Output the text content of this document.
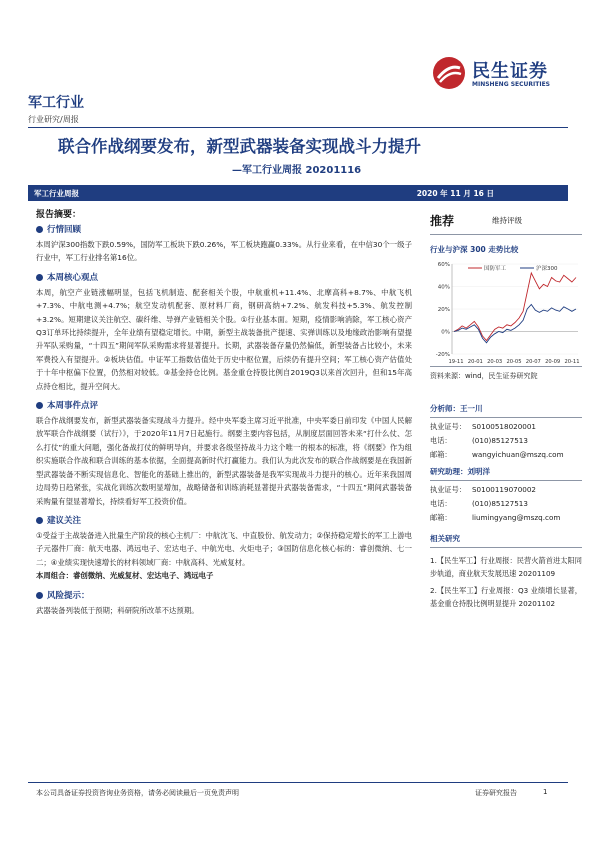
军工行业
行业研究/周报
民生证券
MINSHENG SECURITIES
联合作战纲要发布，新型武器装备实现战斗力提升
—军工行业周报 20201116
军工行业周报	2020 年 11 月 16 日
报告摘要：
行情回顾
本周沪深300指数下跌0.59%，国防军工板块下跌0.26%，军工板块跑赢0.33%。从行业来看，在中信30个一级子行业中，军工行业排名第16位。
本周核心观点
本周，航空产业链涨幅明显，包括飞机制造、配套相关个股，中航重机+11.4%、北摩高科+8.7%、中航飞机+7.3%、中航电测+4.7%；航空发动机配套、原材料厂商，钢研高纳+7.2%、航发科技+5.3%、航发控制+3.2%。短期建议关注航空、碳纤维、导弹产业链相关个股。①行业基本面。短期，疫情影响消除，军工核心资产Q3订单环比持续提升，全年业绩有望稳定增长。中期，新型主战装备批产提速、实弹训练以及地缘政治影响有望提升军队采购量，“十四五”期间军队采购需求将显著提升。长期，武器装备存量仍然偏低，新型装备占比较小，未来军费投入有望提升。②板块估值。中证军工指数估值处于历史中枢位置，后续仍有提升空间；军工核心资产估值处于十年中枢偏下位置，仍然相对较低。③基金持仓比例。基金重仓持股比例自2019Q3以来首次回升，但和15年高点持仓相比，提升空间大。
本周事件点评
联合作战纲要发布，新型武器装备实现战斗力提升。经中央军委主席习近平批准，中央军委日前印发《中国人民解放军联合作战纲要（试行）》，于2020年11月7日起施行。纲要主要内容包括，从制度层面回答未来“打什么仗、怎么打仗”的重大问题，强化备战打仗的鲜明导向，并要求各级坚持战斗力这个唯一的根本的标准，将《纲要》作为组织实施联合作战和联合训练的基本依据，全面提高新时代打赢能力。我们认为此次发布的联合作战纲要是在我国新型武器装备不断实现信息化、智能化的基础上推出的，新型武器装备是我军实现战斗力提升的核心。近年来我国周边局势日趋紧张，实战化训练次数明显增加，战略储备和训练消耗显著提升武器装备需求，“十四五”期间武器装备采购量有望显著增长，持续看好军工投资价值。
建议关注
①受益于主战装备进入批量生产阶段的核心主机厂：中航沈飞、中直股份、航发动力；②保持稳定增长的军工上游电子元器件厂商：航天电器、鸿远电子、宏达电子、中航光电、火炬电子；③国防信息化核心标的：睿创微纳、七一二；④业绩实现快速增长的材料领域厂商：中航高科、光威复材。
本周组合：睿创微纳、光威复材、宏达电子、鸿远电子
风险提示：
武器装备列装低于预期；科研院所改革不达预期。
推荐	维持评级
行业与沪深 300 走势比较
-20%
0%
20%
40%
60%
19-11 20-01 20-03 20-05 20-07 20-09 20-11
国防军工	沪深300
资料来源：wind，民生证券研究院
分析师：王一川
执业证号： S0100518020001
电话：	(010)85127513
邮箱：	wangyichuan@mszq.com
研究助理：刘明洋
执业证号： S0100119070002
电话：	(010)85127513
邮箱：	liumingyang@mszq.com
相关研究
1.【民生军工】行业周报：民营火箭首进太阳同步轨道，商业航天发展迅速 20201109
2.【民生军工】行业周报：Q3 业绩增长显著，基金重仓持股比例明显提升 20201102
本公司具备证券投资咨询业务资格，请务必阅读最后一页免责声明	证券研究报告	1
